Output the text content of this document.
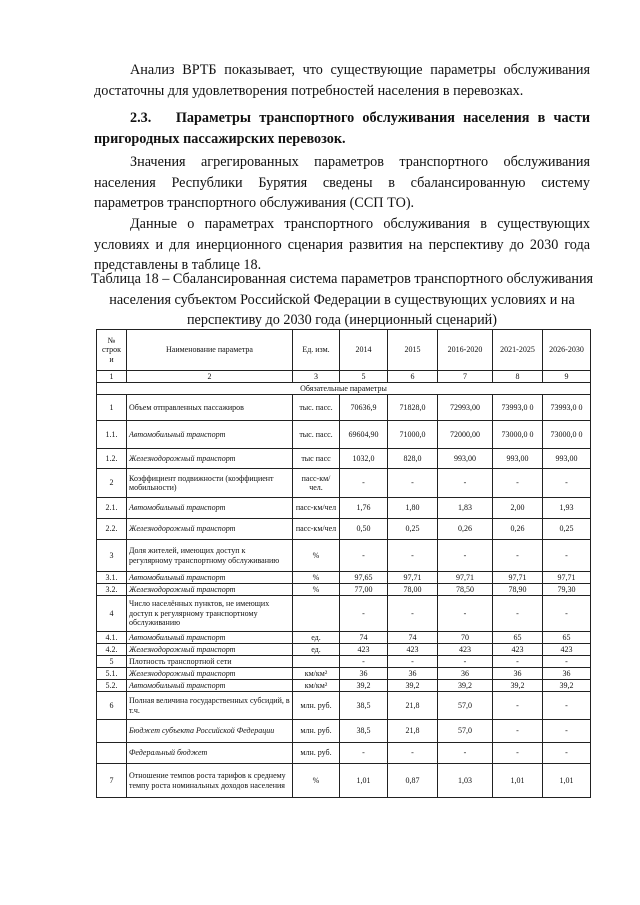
Анализ ВРТБ показывает, что существующие параметры обслуживания достаточны для удовлетворения потребностей населения в перевозках.

2.3. Параметры транспортного обслуживания населения в части пригородных пассажирских перевозок.

Значения агрегированных параметров транспортного обслуживания населения Республики Бурятия сведены в сбалансированную систему параметров транспортного обслуживания (ССП ТО).

Данные о параметрах транспортного обслуживания в существующих условиях и для инерционного сценария развития на перспективу до 2030 года представлены в таблице 18.

Таблица 18 – Сбалансированная система параметров транспортного обслуживания населения субъектом Российской Федерации в существующих условиях и на перспективу до 2030 года (инерционный сценарий)

№ строк и	Наименование параметра	Ед. изм.	2014	2015	2016-2020	2021-2025	2026-2030
1	2	3	5	6	7	8	9
Обязательные параметры							
1	Объем отправленных пассажиров	тыс. пасс.	70636,9	71828,0	72993,00	73993,0 0	73993,0 0
1.1.	Автомобильный транспорт	тыс. пасс.	69604,90	71000,0	72000,00	73000,0 0	73000,0 0
1.2.	Железнодорожный транспорт	тыс пасс	1032,0	828,0	993,00	993,00	993,00
2	Коэффициент подвижности (коэффициент мобильности)	пасс-км/чел.	-	-	-	-	-
2.1.	Автомобильный транспорт	пасс-км/чел	1,76	1,80	1,83	2,00	1,93
2.2.	Железнодорожный транспорт	пасс-км/чел	0,50	0,25	0,26	0,26	0,25
3	Доля жителей, имеющих доступ к регулярному транспортному обслуживанию	%	-	-	-	-	-
3.1.	Автомобильный транспорт	%	97,65	97,71	97,71	97,71	97,71
3.2.	Железнодорожный транспорт	%	77,00	78,00	78,50	78,90	79,30
4	Число населённых пунктов, не имеющих доступ к регулярному транспортному обслуживанию		-	-	-	-	-
4.1.	Автомобильный транспорт	ед.	74	74	70	65	65
4.2.	Железнодорожный транспорт	ед.	423	423	423	423	423
5	Плотность транспортной сети		-	-	-	-	-
5.1.	Железнодорожный транспорт	км/км²	36	36	36	36	36
5.2.	Автомобильный транспорт	км/км²	39,2	39,2	39,2	39,2	39,2
6	Полная величина государственных субсидий, в т.ч.	млн. руб.	38,5	21,8	57,0	-	-
	Бюджет субъекта Российской Федерации	млн. руб.	38,5	21,8	57,0	-	-
	Федеральный бюджет	млн. руб.	-	-	-	-	-
7	Отношение темпов роста тарифов к среднему темпу роста номинальных доходов населения	%	1,01	0,87	1,03	1,01	1,01
